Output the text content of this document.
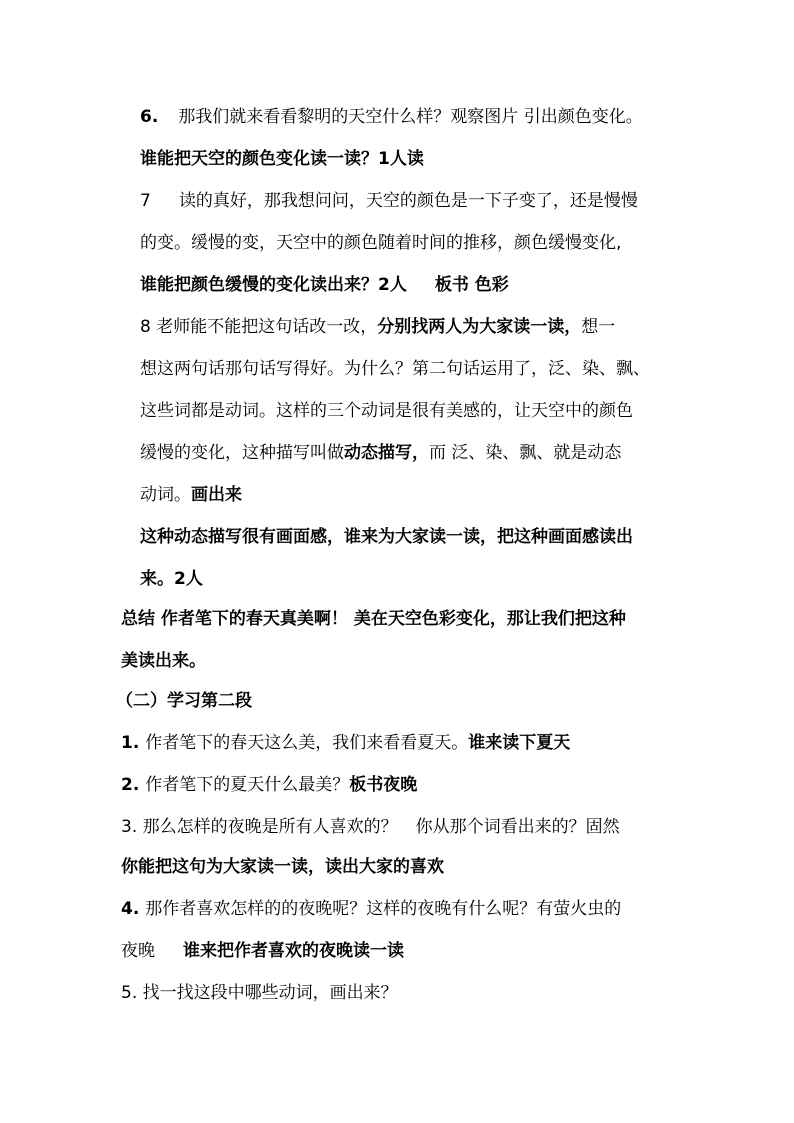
6. 那我们就来看看黎明的天空什么样？观察图片 引出颜色变化。
谁能把天空的颜色变化读一读？1人读
7 读的真好，那我想问问，天空的颜色是一下子变了，还是慢慢
的变。缓慢的变，天空中的颜色随着时间的推移，颜色缓慢变化,
谁能把颜色缓慢的变化读出来？2人 板书 色彩
8 老师能不能把这句话改一改，分别找两人为大家读一读，想一
想这两句话那句话写得好。为什么？第二句话运用了，泛、染、飘、
这些词都是动词。这样的三个动词是很有美感的，让天空中的颜色
缓慢的变化，这种描写叫做动态描写，而 泛、染、飘、就是动态
动词。画出来
这种动态描写很有画面感，谁来为大家读一读，把这种画面感读出
来。2人
总结 作者笔下的春天真美啊！ 美在天空色彩变化，那让我们把这种
美读出来。
（二）学习第二段
1. 作者笔下的春天这么美，我们来看看夏天。谁来读下夏天
2. 作者笔下的夏天什么最美？板书夜晚
3. 那么怎样的夜晚是所有人喜欢的？ 你从那个词看出来的？固然
你能把这句为大家读一读，读出大家的喜欢
4. 那作者喜欢怎样的的夜晚呢？这样的夜晚有什么呢？有萤火虫的
夜晚 谁来把作者喜欢的夜晚读一读
5. 找一找这段中哪些动词，画出来？
